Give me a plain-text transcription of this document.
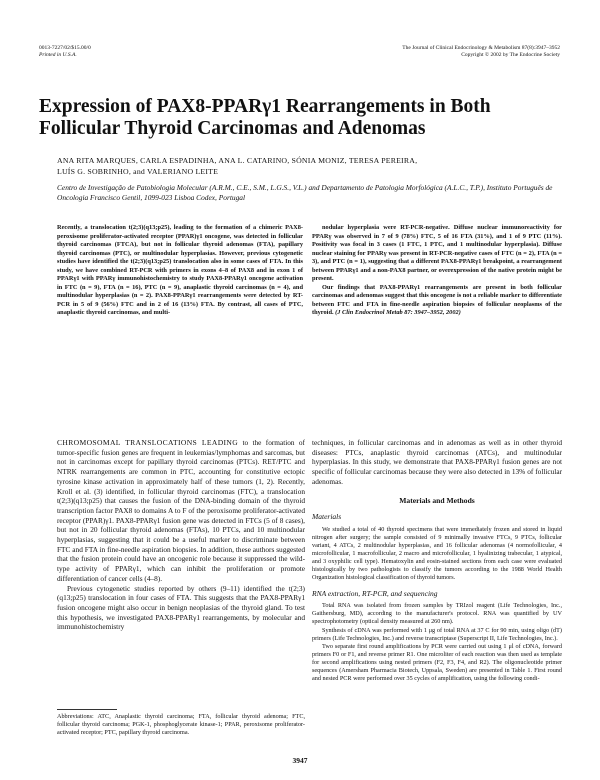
0013-7227/02/$15.00/0
Printed in U.S.A.
The Journal of Clinical Endocrinology & Metabolism 87(8):3947–3952
Copyright © 2002 by The Endocrine Society
Expression of PAX8-PPARγ1 Rearrangements in Both
Follicular Thyroid Carcinomas and Adenomas
ANA RITA MARQUES, CARLA ESPADINHA, ANA L. CATARINO, SÓNIA MONIZ, TERESA PEREIRA,
LUÍS G. SOBRINHO, and VALERIANO LEITE
Centro de Investigação de Patobiologia Molecular (A.R.M., C.E., S.M., L.G.S., V.L.) and Departamento de Patologia Morfológica (A.L.C., T.P.), Instituto Português de Oncologia Francisco Gentil, 1099-023 Lisboa Codex, Portugal
Recently, a translocation t(2;3)(q13;p25), leading to the formation of a chimeric PAX8-peroxisome proliferator-activated receptor (PPAR)γ1 oncogene, was detected in follicular thyroid carcinomas (FTCA), but not in follicular thyroid adenomas (FTA), papillary thyroid carcinomas (PTC), or multinodular hyperplasias. However, previous cytogenetic studies have identified the t(2;3)(q13;p25) translocation also in some cases of FTA. In this study, we have combined RT-PCR with primers in exons 4–8 of PAX8 and in exon 1 of PPARγ1 with PPARγ immunohistochemistry to study PAX8-PPARγ1 oncogene activation in FTC (n = 9), FTA (n = 16), PTC (n = 9), anaplastic thyroid carcinomas (n = 4), and multinodular hyperplasias (n = 2). PAX8-PPARγ1 rearrangements were detected by RT-PCR in 5 of 9 (56%) FTC and in 2 of 16 (13%) FTA. By contrast, all cases of PTC, anaplastic thyroid carcinomas, and multi-

nodular hyperplasia were RT-PCR-negative. Diffuse nuclear immunoreactivity for PPARγ was observed in 7 of 9 (78%) FTC, 5 of 16 FTA (31%), and 1 of 9 PTC (11%). Positivity was focal in 3 cases (1 FTC, 1 PTC, and 1 multinodular hyperplasia). Diffuse nuclear staining for PPARγ was present in RT-PCR-negative cases of FTC (n = 2), FTA (n = 3), and PTC (n = 1), suggesting that a different PAX8-PPARγ1 breakpoint, a rearrangement between PPARγ1 and a non-PAX8 partner, or overexpression of the native protein might be present.

Our findings that PAX8-PPARγ1 rearrangements are present in both follicular carcinomas and adenomas suggest that this oncogene is not a reliable marker to differentiate between FTC and FTA in fine-needle aspiration biopsies of follicular neoplasms of the thyroid. (J Clin Endocrinol Metab 87: 3947–3952, 2002)

CHROMOSOMAL TRANSLOCATIONS LEADING to the formation of tumor-specific fusion genes are frequent in leukemias/lymphomas and sarcomas, but not in carcinomas except for papillary thyroid carcinomas (PTCs). RET/PTC and NTRK rearrangements are common in PTC, accounting for constitutive ectopic tyrosine kinase activation in approximately half of these tumors (1, 2). Recently, Kroll et al. (3) identified, in follicular thyroid carcinomas (FTC), a translocation t(2;3)(q13;p25) that causes the fusion of the DNA-binding domain of the thyroid transcription factor PAX8 to domains A to F of the peroxisome proliferator-activated receptor (PPAR)γ1. PAX8-PPARγ1 fusion gene was detected in FTCs (5 of 8 cases), but not in 20 follicular thyroid adenomas (FTAs), 10 PTCs, and 10 multinodular hyperplasias, suggesting that it could be a useful marker to discriminate between FTC and FTA in fine-needle aspiration biopsies. In addition, these authors suggested that the fusion protein could have an oncogenic role because it suppressed the wild-type activity of PPARγ1, which can inhibit the proliferation or promote differentiation of cancer cells (4–8).

Previous cytogenetic studies reported by others (9–11) identified the t(2;3)(q13;p25) translocation in four cases of FTA. This suggests that the PAX8-PPARγ1 fusion oncogene might also occur in benign neoplasias of the thyroid gland. To test this hypothesis, we investigated PAX8-PPARγ1 rearrangements, by molecular and immunohistochemistry

techniques, in follicular carcinomas and in adenomas as well as in other thyroid diseases: PTCs, anaplastic thyroid carcinomas (ATCs), and multinodular hyperplasias. In this study, we demonstrate that PAX8-PPARγ1 fusion genes are not specific of follicular carcinomas because they were also detected in 13% of follicular adenomas.

Materials and Methods
Materials

We studied a total of 40 thyroid specimens that were immediately frozen and stored in liquid nitrogen after surgery; the sample consisted of 9 minimally invasive FTCs, 9 PTCs, follicular variant, 4 ATCs, 2 multinodular hyperplasias, and 16 follicular adenomas (4 normofollicular, 4 microfollicular, 1 macrofollicular, 2 macro and microfollicular, 1 hyalinizing trabecular, 1 atypical, and 3 oxyphilic cell type). Hematoxylin and eosin-stained sections from each case were evaluated histologically by two pathologists to classify the tumors according to the 1988 World Health Organization histological classification of thyroid tumors.

RNA extraction, RT-PCR, and sequencing

Total RNA was isolated from frozen samples by TRIzol reagent (Life Technologies, Inc., Gaithersburg, MD), according to the manufacturer's protocol. RNA was quantified by UV spectrophotometry (optical density measured at 260 nm).

Synthesis of cDNA was performed with 1 μg of total RNA at 37 C for 90 min, using oligo (dT) primers (Life Technologies, Inc.) and reverse transcriptase (Superscript II, Life Technologies, Inc.).

Two separate first round amplifications by PCR were carried out using 1 μl of cDNA, forward primers F0 or F1, and reverse primer R1. One microliter of each reaction was then used as template for second amplifications using nested primers (F2, F3, F4, and R2). The oligonucleotide primer sequences (Amersham Pharmacia Biotech, Uppsala, Sweden) are presented in Table 1. First round and nested PCR were performed over 35 cycles of amplification, using the following condi-

Abbreviations: ATC, Anaplastic thyroid carcinoma; FTA, follicular thyroid adenoma; FTC, follicular thyroid carcinoma; PGK-1, phosphoglycerate kinase-1; PPAR, peroxisome proliferator-activated receptor; PTC, papillary thyroid carcinoma.
3947
